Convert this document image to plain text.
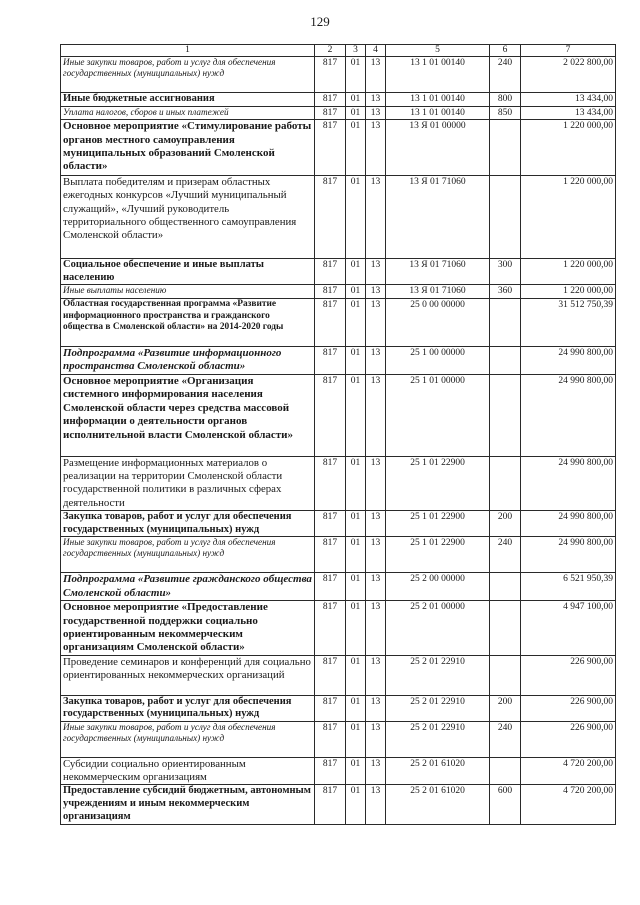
129
1	2	3	4	5	6	7
Иные закупки товаров, работ и услуг для обеспечения государственных (муниципальных) нужд	817	01	13	13 1 01 00140	240	2 022 800,00
Иные бюджетные ассигнования	817	01	13	13 1 01 00140	800	13 434,00
Уплата налогов, сборов и иных платежей	817	01	13	13 1 01 00140	850	13 434,00
Основное мероприятие «Стимулирование работы органов местного самоуправления муниципальных образований Смоленской области»	817	01	13	13 Я 01 00000		1 220 000,00
Выплата победителям и призерам областных ежегодных конкурсов «Лучший муниципальный служащий», «Лучший руководитель территориального общественного самоуправления Смоленской области»	817	01	13	13 Я 01 71060		1 220 000,00
Социальное обеспечение и иные выплаты населению	817	01	13	13 Я 01 71060	300	1 220 000,00
Иные выплаты населению	817	01	13	13 Я 01 71060	360	1 220 000,00
Областная государственная программа «Развитие информационного пространства и гражданского общества в Смоленской области» на 2014-2020 годы	817	01	13	25 0 00 00000		31 512 750,39
Подпрограмма «Развитие информационного пространства Смоленской области»	817	01	13	25 1 00 00000		24 990 800,00
Основное мероприятие «Организация системного информирования населения Смоленской области через средства массовой информации о деятельности органов исполнительной власти Смоленской области»	817	01	13	25 1 01 00000		24 990 800,00
Размещение информационных материалов о реализации на территории Смоленской области государственной политики в различных сферах деятельности	817	01	13	25 1 01 22900		24 990 800,00
Закупка товаров, работ и услуг для обеспечения государственных (муниципальных) нужд	817	01	13	25 1 01 22900	200	24 990 800,00
Иные закупки товаров, работ и услуг для обеспечения государственных (муниципальных) нужд	817	01	13	25 1 01 22900	240	24 990 800,00
Подпрограмма «Развитие гражданского общества Смоленской области»	817	01	13	25 2 00 00000		6 521 950,39
Основное мероприятие «Предоставление государственной поддержки социально ориентированным некоммерческим организациям Смоленской области»	817	01	13	25 2 01 00000		4 947 100,00
Проведение семинаров и конференций для социально ориентированных некоммерческих организаций	817	01	13	25 2 01 22910		226 900,00
Закупка товаров, работ и услуг для обеспечения государственных (муниципальных) нужд	817	01	13	25 2 01 22910	200	226 900,00
Иные закупки товаров, работ и услуг для обеспечения государственных (муниципальных) нужд	817	01	13	25 2 01 22910	240	226 900,00
Субсидии социально ориентированным некоммерческим организациям	817	01	13	25 2 01 61020		4 720 200,00
Предоставление субсидий бюджетным, автономным учреждениям и иным некоммерческим организациям	817	01	13	25 2 01 61020	600	4 720 200,00
